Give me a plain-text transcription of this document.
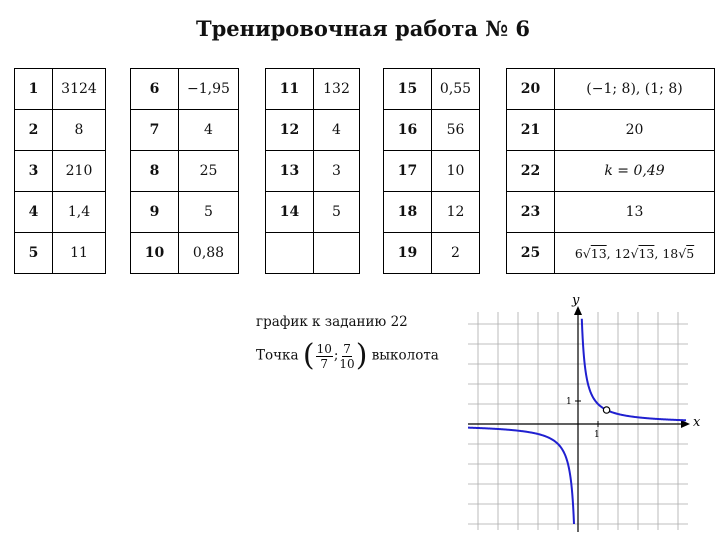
Тренировочная работа № 6
1	3124
2	8
3	210
4	1,4
5	11
6	−1,95
7	4
8	25
9	5
10	0,88
11	132
12	4
13	3
14	5

15	0,55
16	56
17	10
18	12
19	2
20	(−1; 8), (1; 8)
21	20
22	k = 0,49
23	13
25	6√13, 12√13, 18√5
график к заданию 22
Точка ( $\frac{10}{7}$ ; $\frac{7}{10}$ ) выколота
x
y
1
1
